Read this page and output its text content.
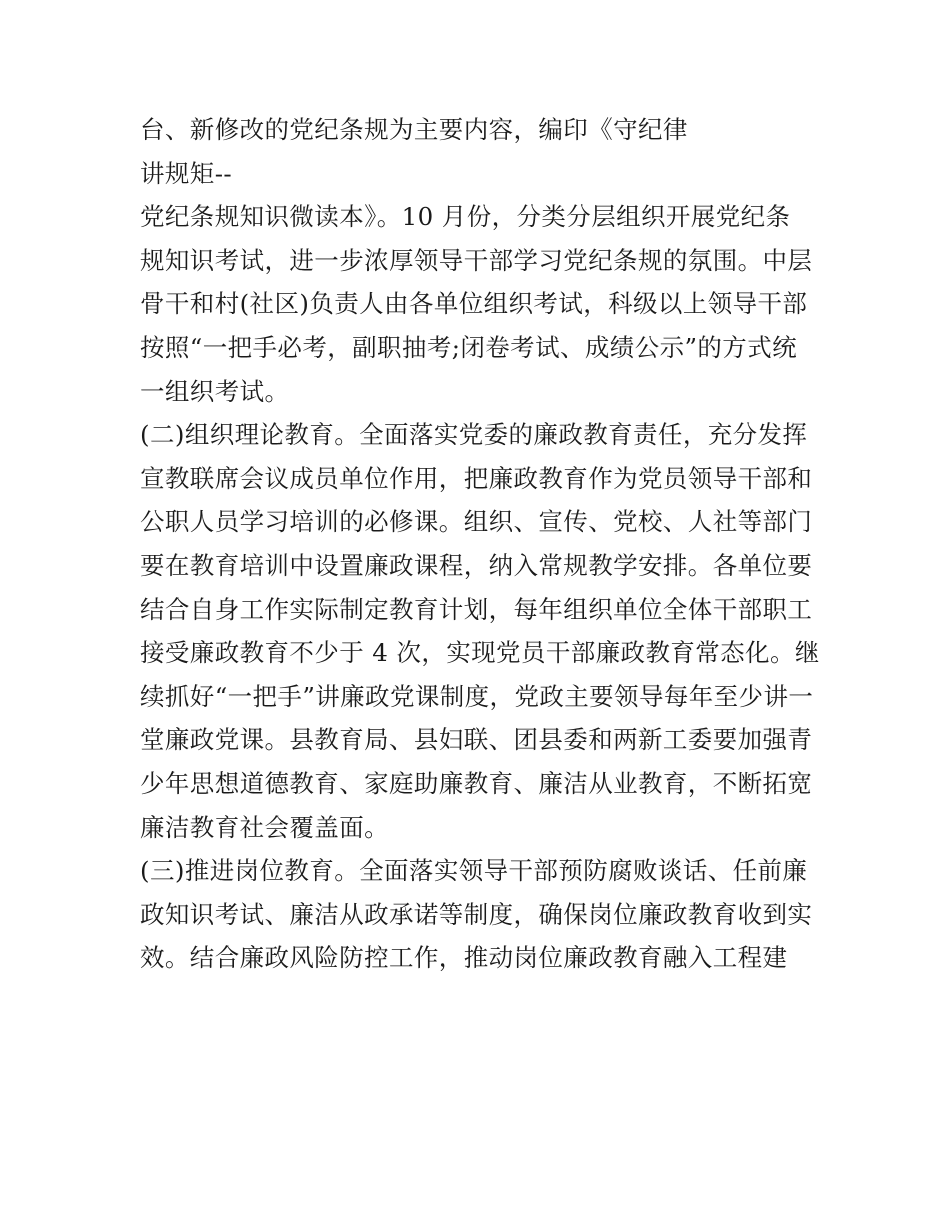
台、新修改的党纪条规为主要内容，编印《守纪律
讲规矩--
党纪条规知识微读本》。10 月份，分类分层组织开展党纪条
规知识考试，进一步浓厚领导干部学习党纪条规的氛围。中层
骨干和村(社区)负责人由各单位组织考试，科级以上领导干部
按照“一把手必考，副职抽考;闭卷考试、成绩公示”的方式统
一组织考试。
(二)组织理论教育。全面落实党委的廉政教育责任，充分发挥
宣教联席会议成员单位作用，把廉政教育作为党员领导干部和
公职人员学习培训的必修课。组织、宣传、党校、人社等部门
要在教育培训中设置廉政课程，纳入常规教学安排。各单位要
结合自身工作实际制定教育计划，每年组织单位全体干部职工
接受廉政教育不少于 4 次，实现党员干部廉政教育常态化。继
续抓好“一把手”讲廉政党课制度，党政主要领导每年至少讲一
堂廉政党课。县教育局、县妇联、团县委和两新工委要加强青
少年思想道德教育、家庭助廉教育、廉洁从业教育，不断拓宽
廉洁教育社会覆盖面。
(三)推进岗位教育。全面落实领导干部预防腐败谈话、任前廉
政知识考试、廉洁从政承诺等制度，确保岗位廉政教育收到实
效。结合廉政风险防控工作，推动岗位廉政教育融入工程建
